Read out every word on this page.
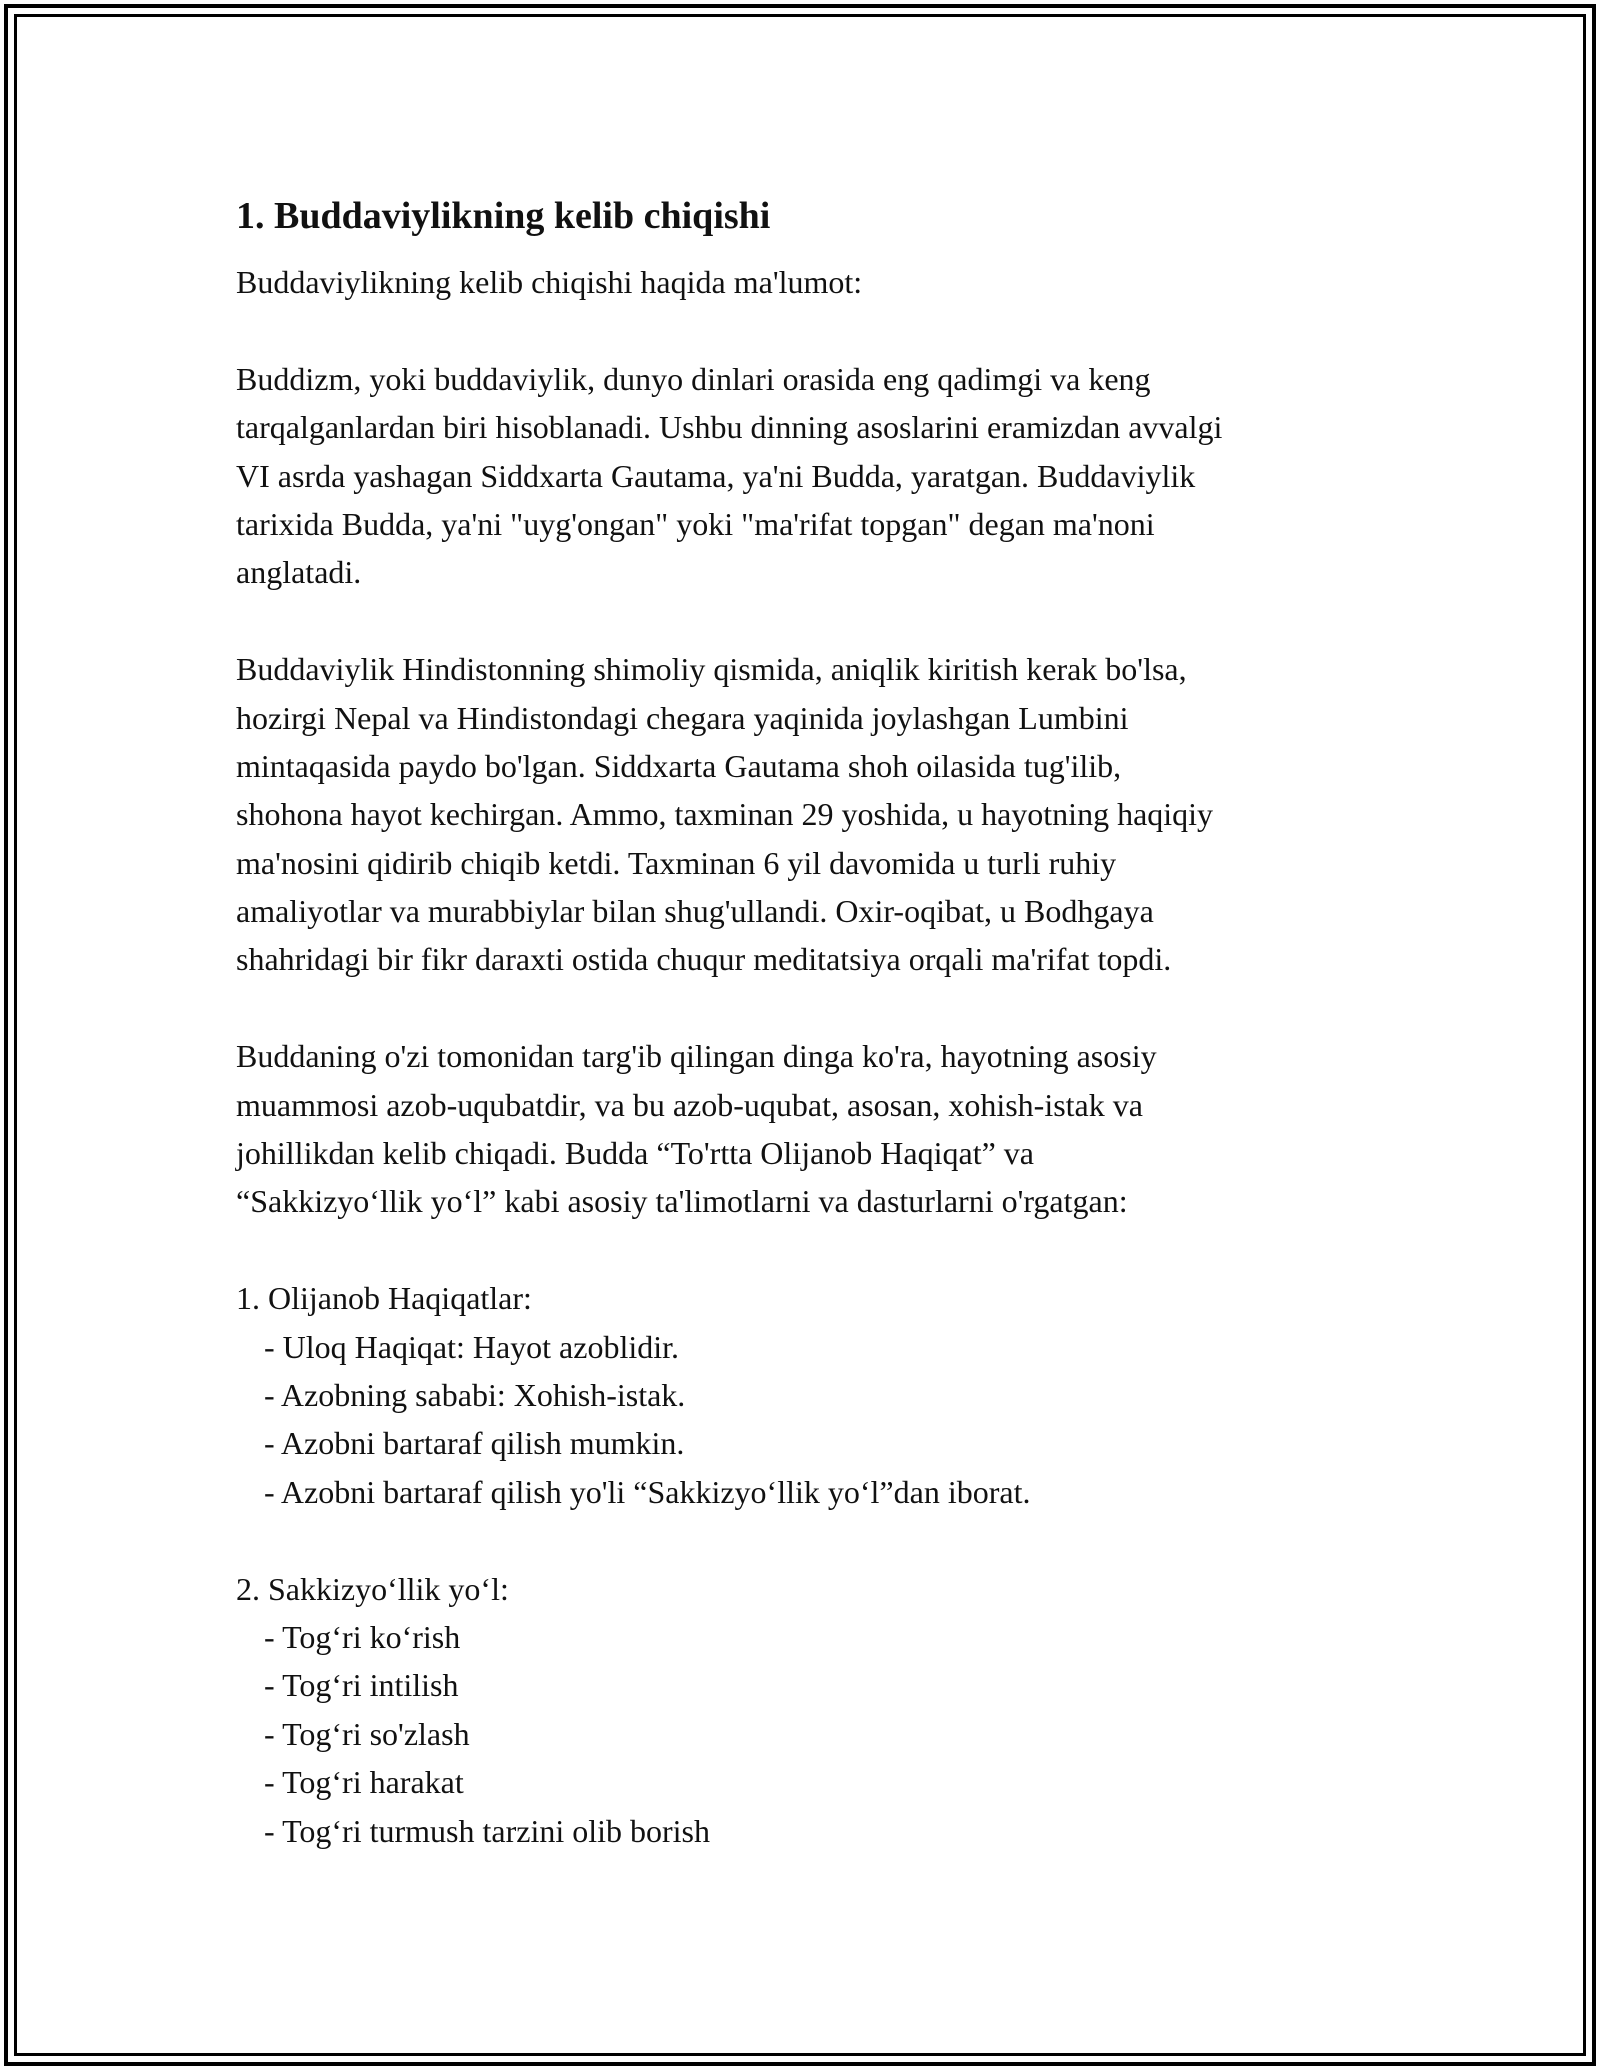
1. Buddaviylikning kelib chiqishi

Buddaviylikning kelib chiqishi haqida ma'lumot:

Buddizm, yoki buddaviylik, dunyo dinlari orasida eng qadimgi va keng
tarqalganlardan biri hisoblanadi. Ushbu dinning asoslarini eramizdan avvalgi
VI asrda yashagan Siddxarta Gautama, ya'ni Budda, yaratgan. Buddaviylik
tarixida Budda, ya'ni "uyg'ongan" yoki "ma'rifat topgan" degan ma'noni
anglatadi.
Buddaviylik Hindistonning shimoliy qismida, aniqlik kiritish kerak bo'lsa,
hozirgi Nepal va Hindistondagi chegara yaqinida joylashgan Lumbini
mintaqasida paydo bo'lgan. Siddxarta Gautama shoh oilasida tug'ilib,
shohona hayot kechirgan. Ammo, taxminan 29 yoshida, u hayotning haqiqiy
ma'nosini qidirib chiqib ketdi. Taxminan 6 yil davomida u turli ruhiy
amaliyotlar va murabbiylar bilan shug'ullandi. Oxir-oqibat, u Bodhgaya
shahridagi bir fikr daraxti ostida chuqur meditatsiya orqali ma'rifat topdi.
Buddaning o'zi tomonidan targ'ib qilingan dinga ko'ra, hayotning asosiy
muammosi azob-uqubatdir, va bu azob-uqubat, asosan, xohish-istak va
johillikdan kelib chiqadi. Budda “To'rtta Olijanob Haqiqat” va
“Sakkizyo‘llik yo‘l” kabi asosiy ta'limotlarni va dasturlarni o'rgatgan:
1. Olijanob Haqiqatlar:
- Uloq Haqiqat: Hayot azoblidir.
- Azobning sababi: Xohish-istak.
- Azobni bartaraf qilish mumkin.
- Azobni bartaraf qilish yo'li “Sakkizyo‘llik yo‘l”dan iborat.
2. Sakkizyo‘llik yo‘l:
- Tog‘ri ko‘rish
- Tog‘ri intilish
- Tog‘ri so'zlash
- Tog‘ri harakat
- Tog‘ri turmush tarzini olib borish
